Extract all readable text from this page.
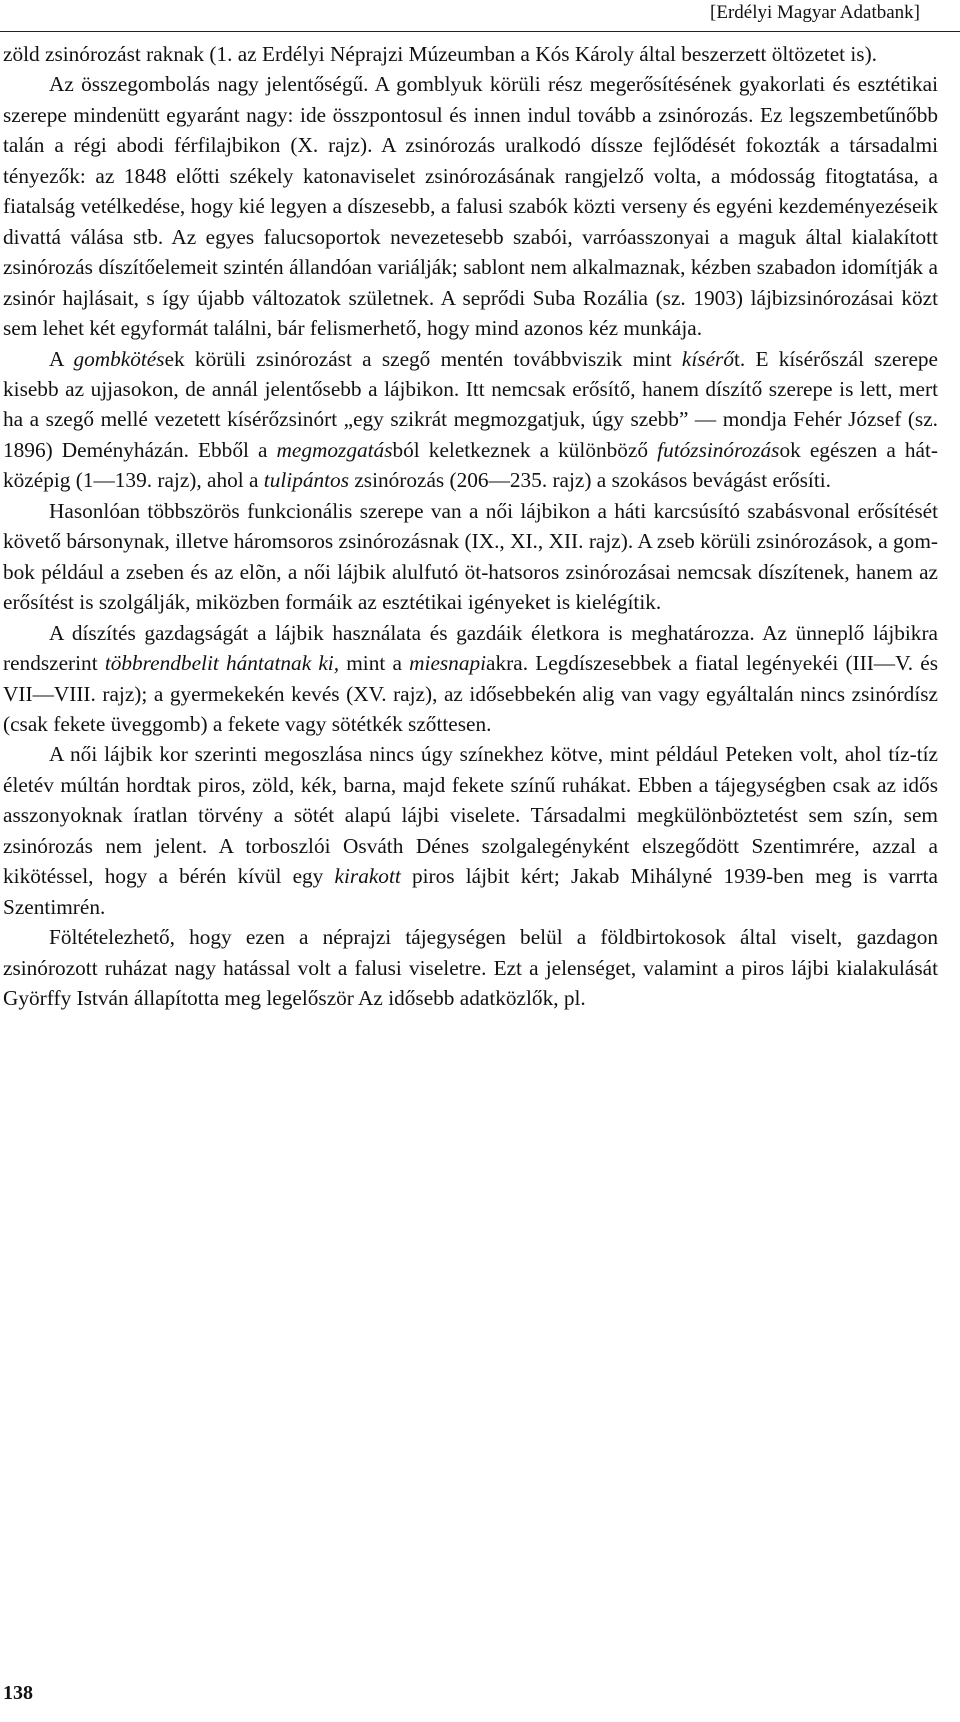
[Erdélyi Magyar Adatbank]

zöld zsinórozást raknak (1. az Erdélyi Néprajzi Múzeumban a Kós Károly által beszerzett öltözetet is).

Az összegombolás nagy jelentőségű. A gomblyuk körüli rész megerősítésének gyakorlati és esztétikai szerepe mindenütt egyaránt nagy: ide összpontosul és innen indul tovább a zsinórozás. Ez legszembetűnőbb talán a régi abodi férfilajbikon (X. rajz). A zsinórozás uralkodó díssze fejlődését fokozták a társadalmi tényezők: az 1848 előtti székely katonaviselet zsinórozásának rangjelző volta, a módosság fitogtatása, a fiatalság vetélkedése, hogy kié legyen a díszesebb, a falusi szabók közti verseny és egyéni kezdeményezéseik divattá válása stb. Az egyes falucsoportok nevezetesebb szabói, varróasszonyai a maguk által kialakított zsinórozás díszítőelemeit szintén állandóan variálják; sablont nem alkalmaznak, kézben szabadon idomítják a zsinór hajlásait, s így újabb változatok születnek. A seprődi Suba Rozália (sz. 1903) lájbizsinórozásai közt sem lehet két egyformát találni, bár felismerhető, hogy mind azonos kéz munkája.

A gombkötések körüli zsinórozást a szegő mentén továbbviszik mint kísérőt. E kísérőszál szerepe kisebb az ujjasokon, de annál jelentősebb a lájbikon. Itt nemcsak erősítő, hanem díszítő szerepe is lett, mert ha a szegő mellé vezetett kísérőzsinórt „egy szikrát megmozgatjuk, úgy szebb” — mondja Fehér József (sz. 1896) Deményházán. Ebből a megmozgatásból keletkeznek a különböző futózsinórozások egészen a hátközépig (1—139. rajz), ahol a tulipántos zsinórozás (206—235. rajz) a szokásos bevágást erősíti.

Hasonlóan többszörös funkcionális szerepe van a női lájbikon a háti karcsúsító szabásvonal erősítését követő bársonynak, illetve háromsoros zsinórozásnak (IX., XI., XII. rajz). A zseb körüli zsinórozások, a gombok például a zseben és az elõn, a női lájbik alulfutó öt-hatsoros zsinórozásai nemcsak díszítenek, hanem az erősítést is szolgálják, miközben formáik az esztétikai igényeket is kielégítik.

A díszítés gazdagságát a lájbik használata és gazdáik életkora is meghatározza. Az ünneplő lájbikra rendszerint többrendbelit hántatnak ki, mint a miesnapiakra. Legdíszesebbek a fiatal legényekéi (III—V. és VII—VIII. rajz); a gyermekekén kevés (XV. rajz), az idősebbekén alig van vagy egyáltalán nincs zsinórdísz (csak fekete üveggomb) a fekete vagy sötétkék szőttesen.

A női lájbik kor szerinti megoszlása nincs úgy színekhez kötve, mint például Peteken volt, ahol tíz-tíz életév múltán hordtak piros, zöld, kék, barna, majd fekete színű ruhákat. Ebben a tájegységben csak az idős asszonyoknak íratlan törvény a sötét alapú lájbi viselete. Társadalmi megkülönböztetést sem szín, sem zsinórozás nem jelent. A torboszlói Osváth Dénes szolgalegényként elszegődött Szentimrére, azzal a kikötéssel, hogy a bérén kívül egy kirakott piros lájbit kért; Jakab Mihályné 1939-ben meg is varrta Szentimrén.

Föltételezhető, hogy ezen a néprajzi tájegységen belül a földbirtokosok által viselt, gazdagon zsinórozott ruházat nagy hatással volt a falusi viseletre. Ezt a jelenséget, valamint a piros lájbi kialakulását Györffy István állapította meg legelőször Az idősebb adatközlők, pl.

138
